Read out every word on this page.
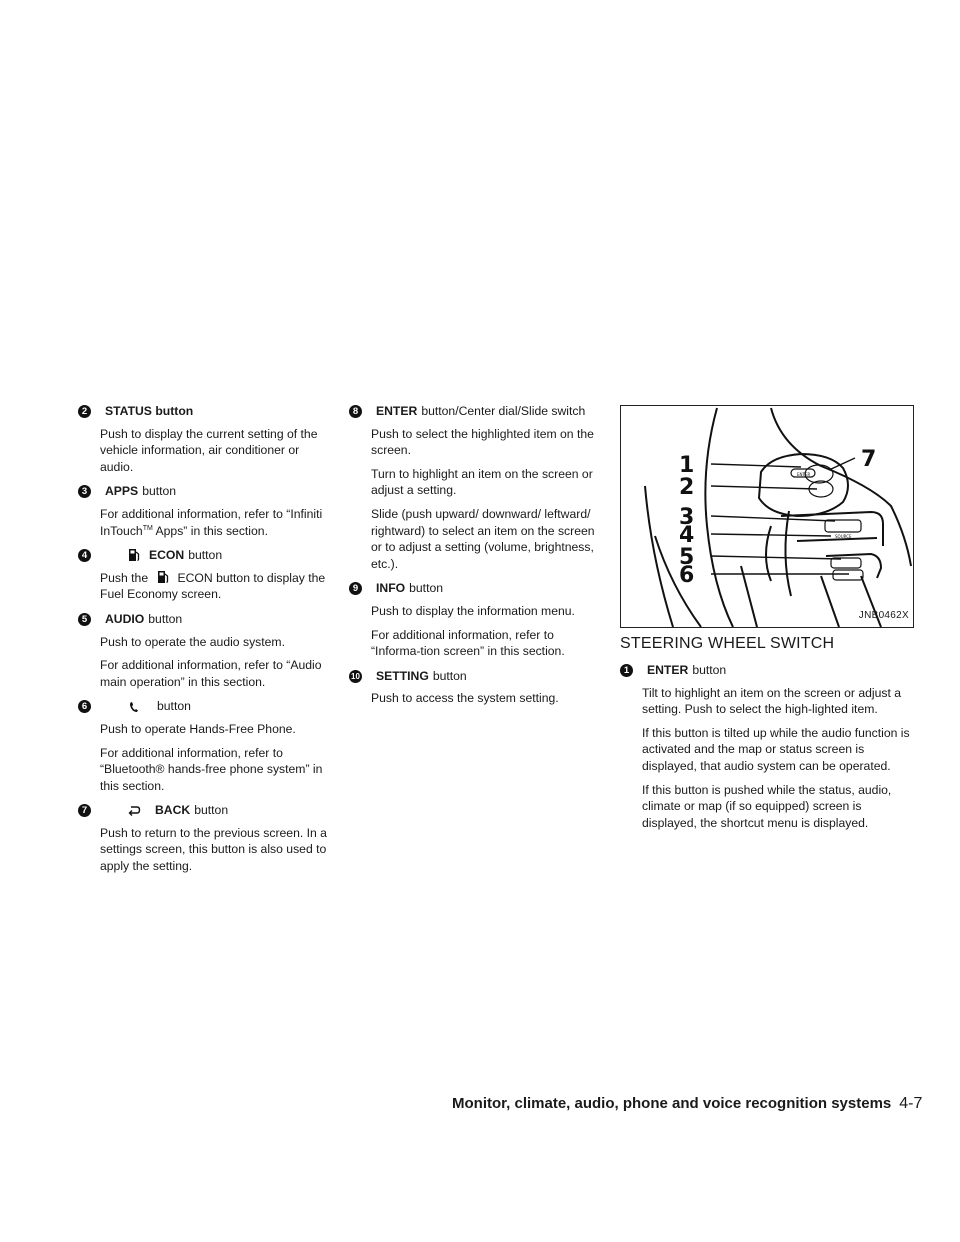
2	STATUS button

Push to display the current setting of the vehicle information, air conditioner or audio.

3	APPS button

For additional information, refer to “Infiniti InTouch™ Apps” in this section.

4	ECON button

Push the ECON button to display the Fuel Economy screen.

5	AUDIO button

Push to operate the audio system.

For additional information, refer to “Audio main operation” in this section.

6	button

Push to operate Hands-Free Phone.

For additional information, refer to “Bluetooth® hands-free phone system” in this section.

7	BACK button

Push to return to the previous screen. In a settings screen, this button is also used to apply the setting.

8	ENTER button/Center dial/Slide switch

Push to select the highlighted item on the screen.

Turn to highlight an item on the screen or adjust a setting.

Slide (push upward/ downward/ leftward/ rightward) to select an item on the screen or to adjust a setting (volume, brightness, etc.).

9	INFO button

Push to display the information menu.

For additional information, refer to “Informa-tion screen” in this section.

10 SETTING button

Push to access the system setting.

1
2
3
4
5
6
7
ENTER
SOURCE
JNB0462X
STEERING WHEEL SWITCH
1	ENTER button

Tilt to highlight an item on the screen or adjust a setting. Push to select the high-lighted item.

If this button is tilted up while the audio function is activated and the map or status screen is displayed, that audio system can be operated.

If this button is pushed while the status, audio, climate or map (if so equipped) screen is displayed, the shortcut menu is displayed.

Monitor, climate, audio, phone and voice recognition systems 4-7
